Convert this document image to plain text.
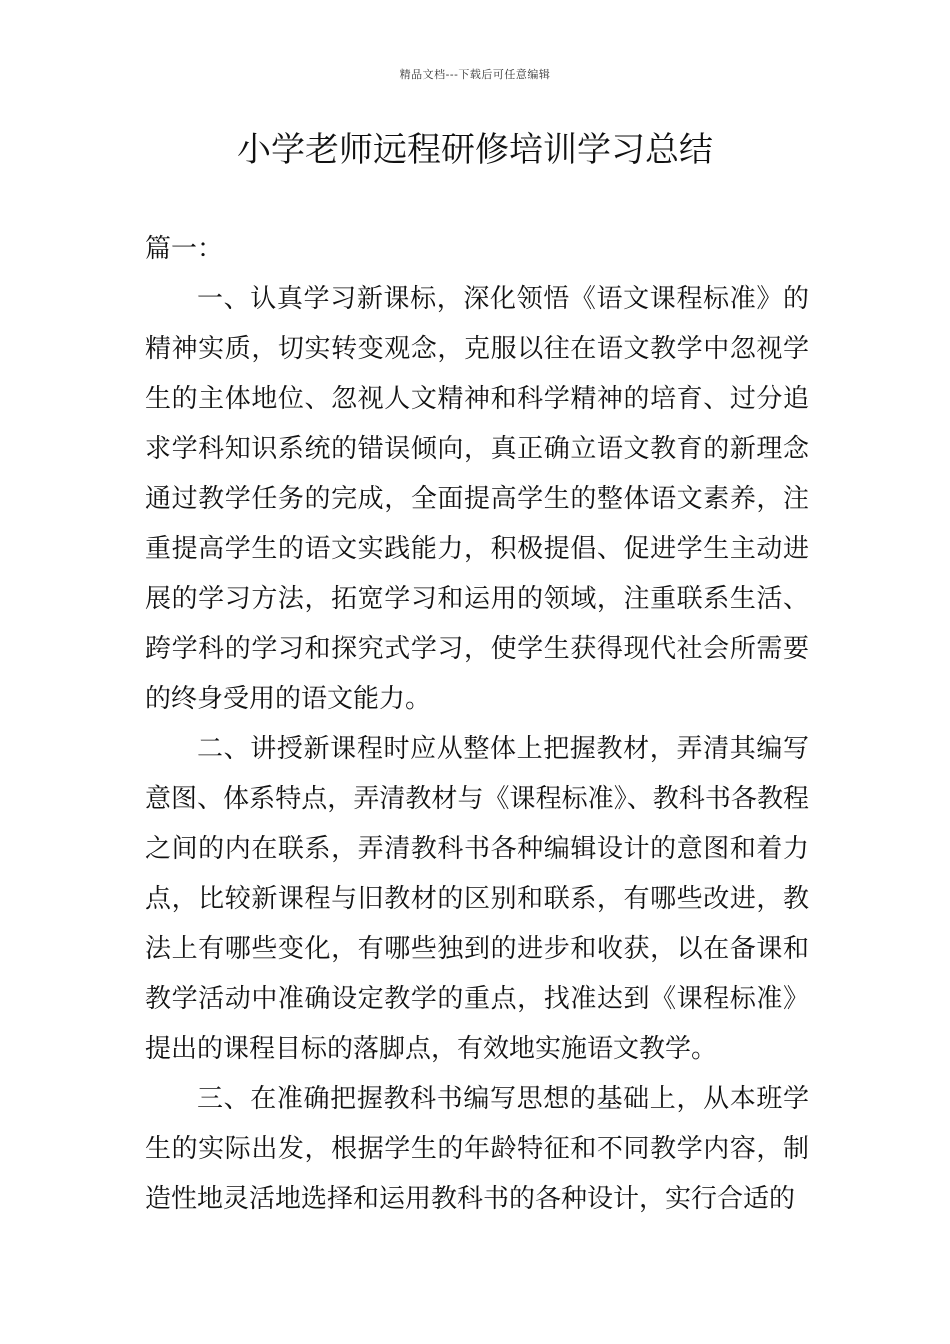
精品文档---下载后可任意编辑
小学老师远程研修培训学习总结

篇一：

一、认真学习新课标，深化领悟《语文课程标准》的精神实质，切实转变观念，克服以往在语文教学中忽视学生的主体地位、忽视人文精神和科学精神的培育、过分追求学科知识系统的错误倾向，真正确立语文教育的新理念通过教学任务的完成，全面提高学生的整体语文素养，注重提高学生的语文实践能力，积极提倡、促进学生主动进展的学习方法，拓宽学习和运用的领域，注重联系生活、跨学科的学习和探究式学习，使学生获得现代社会所需要的终身受用的语文能力。

二、讲授新课程时应从整体上把握教材，弄清其编写意图、体系特点，弄清教材与《课程标准》、教科书各教程之间的内在联系，弄清教科书各种编辑设计的意图和着力点，比较新课程与旧教材的区别和联系，有哪些改进，教法上有哪些变化，有哪些独到的进步和收获，以在备课和教学活动中准确设定教学的重点，找准达到《课程标准》提出的课程目标的落脚点，有效地实施语文教学。

三、在准确把握教科书编写思想的基础上，从本班学生的实际出发，根据学生的年龄特征和不同教学内容，制造性地灵活地选择和运用教科书的各种设计，实行合适的
